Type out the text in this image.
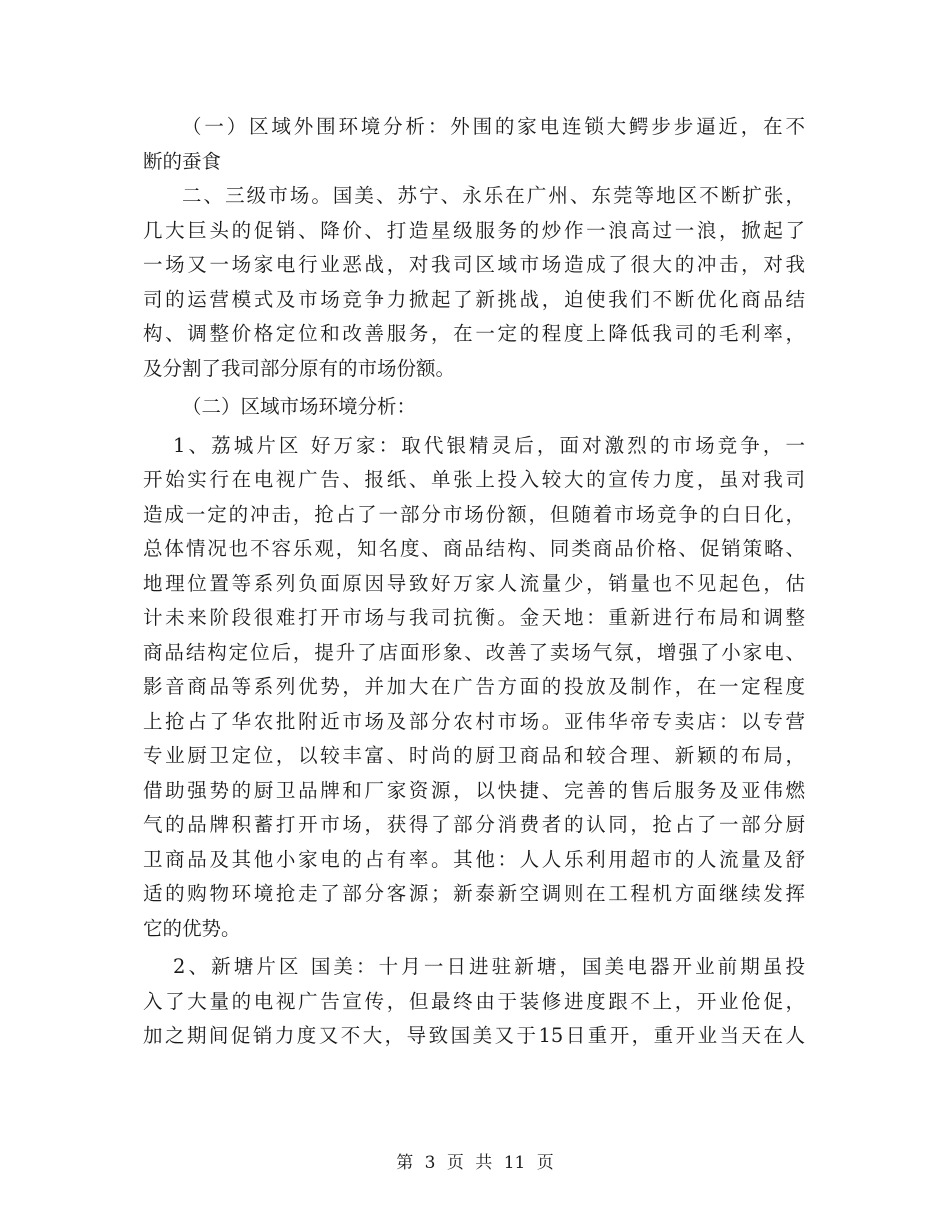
（一）区域外围环境分析：外围的家电连锁大鳄步步逼近，在不
断的蚕食
二、三级市场。国美、苏宁、永乐在广州、东莞等地区不断扩张，
几大巨头的促销、降价、打造星级服务的炒作一浪高过一浪，掀起了
一场又一场家电行业恶战，对我司区域市场造成了很大的冲击，对我
司的运营模式及市场竞争力掀起了新挑战，迫使我们不断优化商品结
构、调整价格定位和改善服务，在一定的程度上降低我司的毛利率，
及分割了我司部分原有的市场份额。
（二）区域市场环境分析：
1、荔城片区 好万家：取代银精灵后，面对激烈的市场竞争，一
开始实行在电视广告、报纸、单张上投入较大的宣传力度，虽对我司
造成一定的冲击，抢占了一部分市场份额，但随着市场竞争的白日化，
总体情况也不容乐观，知名度、商品结构、同类商品价格、促销策略、
地理位置等系列负面原因导致好万家人流量少，销量也不见起色，估
计未来阶段很难打开市场与我司抗衡。金天地：重新进行布局和调整
商品结构定位后，提升了店面形象、改善了卖场气氛，增强了小家电、
影音商品等系列优势，并加大在广告方面的投放及制作，在一定程度
上抢占了华农批附近市场及部分农村市场。亚伟华帝专卖店：以专营
专业厨卫定位，以较丰富、时尚的厨卫商品和较合理、新颖的布局，
借助强势的厨卫品牌和厂家资源，以快捷、完善的售后服务及亚伟燃
气的品牌积蓄打开市场，获得了部分消费者的认同，抢占了一部分厨
卫商品及其他小家电的占有率。其他：人人乐利用超市的人流量及舒
适的购物环境抢走了部分客源；新泰新空调则在工程机方面继续发挥
它的优势。
2、新塘片区 国美：十月一日进驻新塘，国美电器开业前期虽投
入了大量的电视广告宣传，但最终由于装修进度跟不上，开业伧促，
加之期间促销力度又不大，导致国美又于15日重开，重开业当天在人
第 3 页 共 11 页
